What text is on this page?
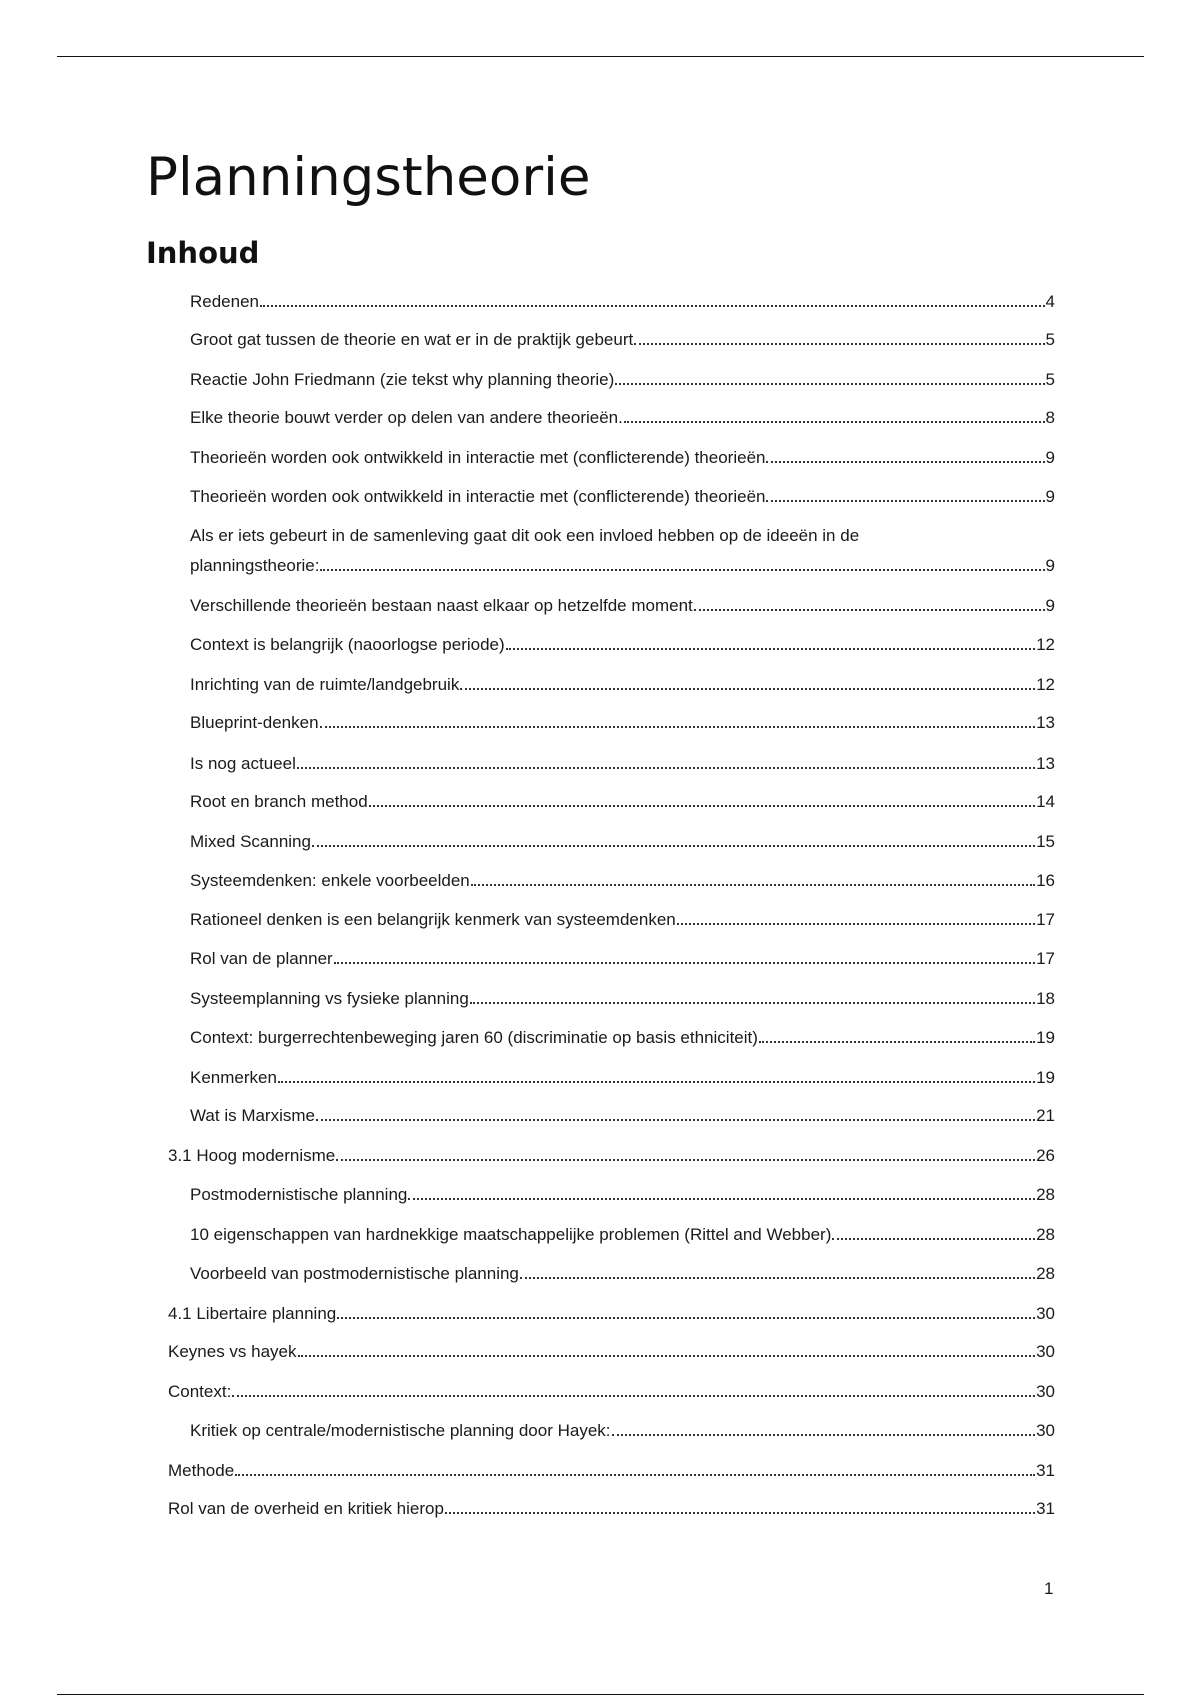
Planningstheorie
Inhoud
Redenen	4
Groot gat tussen de theorie en wat er in de praktijk gebeurt	5
Reactie John Friedmann (zie tekst why planning theorie)	5
Elke theorie bouwt verder op delen van andere theorieën.	8
Theorieën worden ook ontwikkeld in interactie met (conflicterende) theorieën	9
Theorieën worden ook ontwikkeld in interactie met (conflicterende) theorieën	9
Als er iets gebeurt in de samenleving gaat dit ook een invloed hebben op de ideeën in de
planningstheorie:	9
Verschillende theorieën bestaan naast elkaar op hetzelfde moment	9
Context is belangrijk (naoorlogse periode)	12
Inrichting van de ruimte/landgebruik	12
Blueprint-denken	13
Is nog actueel	13
Root en branch method	14
Mixed Scanning	15
Systeemdenken: enkele voorbeelden	16
Rationeel denken is een belangrijk kenmerk van systeemdenken	17
Rol van de planner	17
Systeemplanning vs fysieke planning	18
Context: burgerrechtenbeweging jaren 60 (discriminatie op basis ethniciteit)	19
Kenmerken	19
Wat is Marxisme	21
3.1 Hoog modernisme	26
Postmodernistische planning	28
10 eigenschappen van hardnekkige maatschappelijke problemen (Rittel and Webber)	28
Voorbeeld van postmodernistische planning	28
4.1 Libertaire planning	30
Keynes vs hayek	30
Context:	30
Kritiek op centrale/modernistische planning door Hayek:	30
Methode	31
Rol van de overheid en kritiek hierop	31
1
